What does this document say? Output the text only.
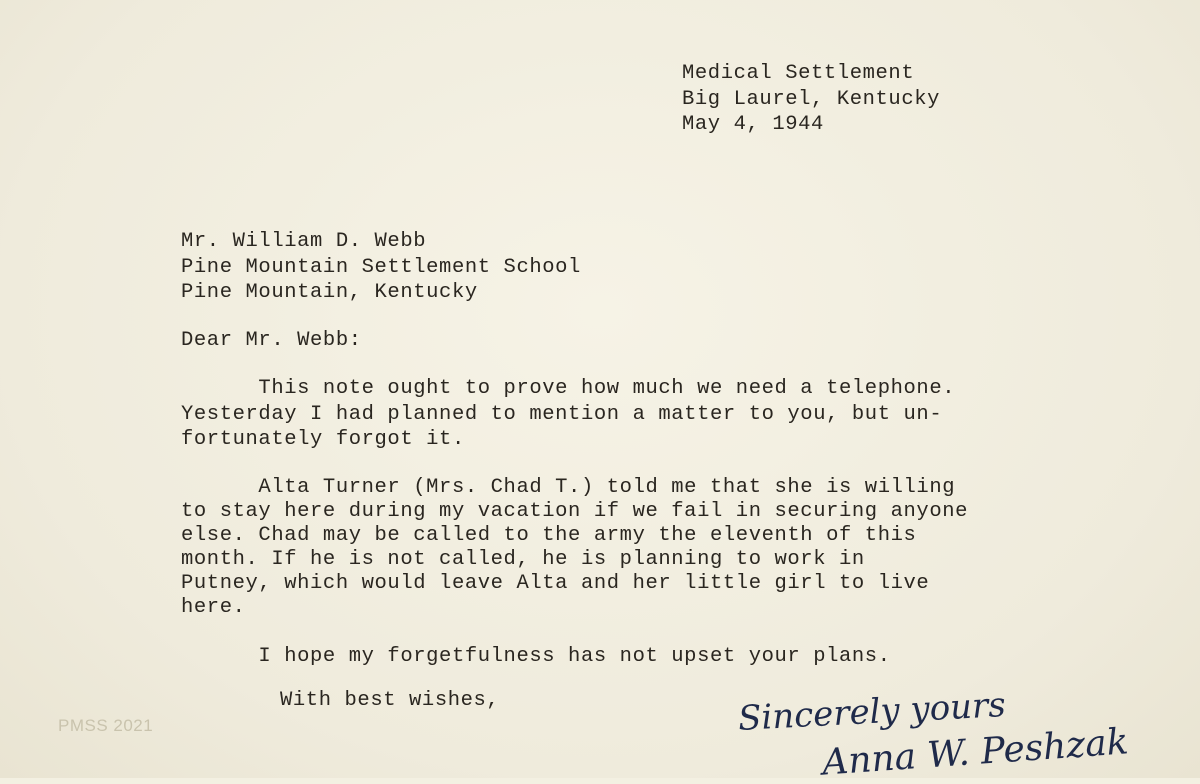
Medical Settlement
Big Laurel, Kentucky
May 4, 1944
Mr. William D. Webb
Pine Mountain Settlement School
Pine Mountain, Kentucky
Dear Mr. Webb:
This note ought to prove how much we need a telephone.
Yesterday I had planned to mention a matter to you, but un-
fortunately forgot it.
Alta Turner (Mrs. Chad T.) told me that she is willing
to stay here during my vacation if we fail in securing anyone
else. Chad may be called to the army the eleventh of this
month. If he is not called, he is planning to work in
Putney, which would leave Alta and her little girl to live
here.
I hope my forgetfulness has not upset your plans.
With best wishes,	Sincerely yours
Anna W. Peshzak
PMSS 2021
